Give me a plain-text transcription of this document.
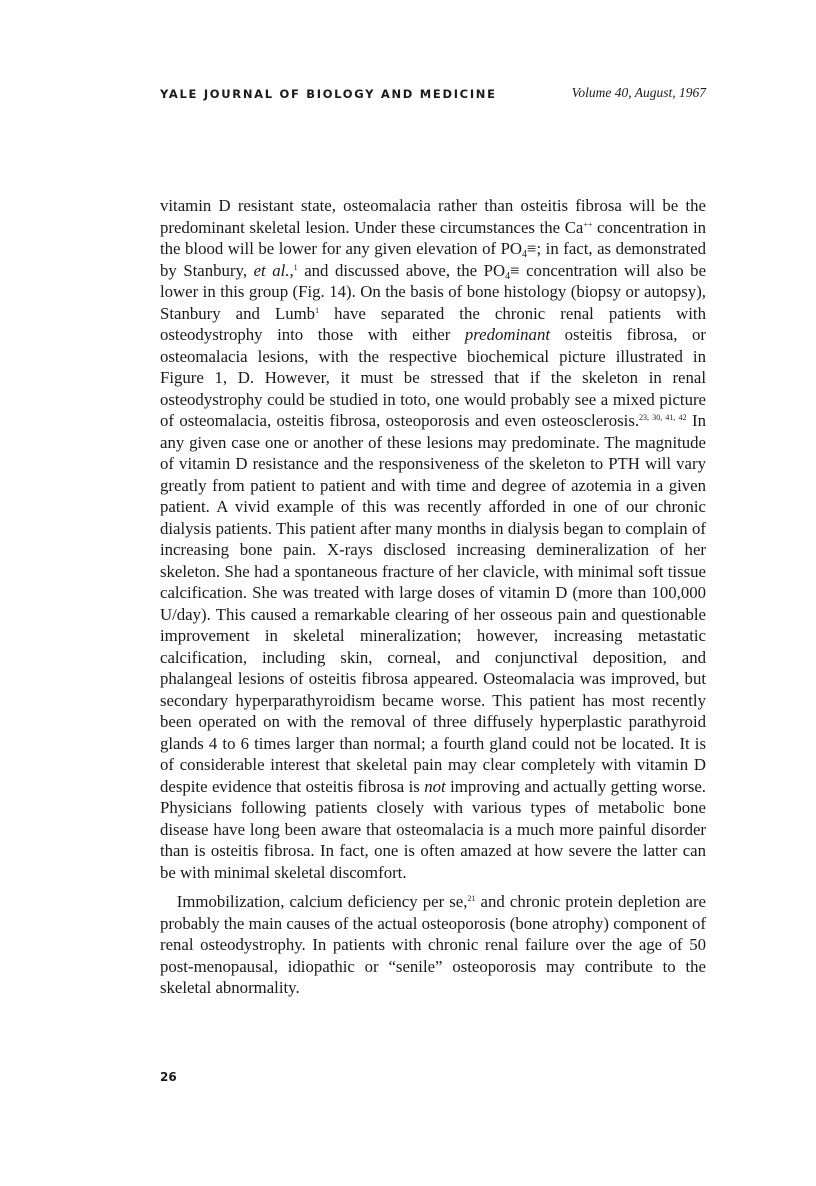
YALE JOURNAL OF BIOLOGY AND MEDICINE	Volume 40, August, 1967

vitamin D resistant state, osteomalacia rather than osteitis fibrosa will be the predominant skeletal lesion. Under these circumstances the Ca++ concentration in the blood will be lower for any given elevation of $PO_4\equiv$; in fact, as demonstrated by Stanbury, et al.,$^1$ and discussed above, the $PO_4\equiv$ concentration will also be lower in this group (Fig. 14). On the basis of bone histology (biopsy or autopsy), Stanbury and Lumb$^1$ have separated the chronic renal patients with osteodystrophy into those with either predominant osteitis fibrosa, or osteomalacia lesions, with the respective biochemical picture illustrated in Figure 1, D. However, it must be stressed that if the skeleton in renal osteodystrophy could be studied in toto, one would probably see a mixed picture of osteomalacia, osteitis fibrosa, osteoporosis and even osteosclerosis.$^{23, 30, 41, 42}$ In any given case one or another of these lesions may predominate. The magnitude of vitamin D resistance and the responsiveness of the skeleton to PTH will vary greatly from patient to patient and with time and degree of azotemia in a given patient. A vivid example of this was recently afforded in one of our chronic dialysis patients. This patient after many months in dialysis began to complain of increasing bone pain. X-rays disclosed increasing demineralization of her skeleton. She had a spontaneous fracture of her clavicle, with minimal soft tissue calcification. She was treated with large doses of vitamin D (more than 100,000 U/day). This caused a remarkable clearing of her osseous pain and questionable improvement in skeletal mineralization; however, increasing metastatic calcification, including skin, corneal, and conjunctival deposition, and phalangeal lesions of osteitis fibrosa appeared. Osteomalacia was improved, but secondary hyperparathyroidism became worse. This patient has most recently been operated on with the removal of three diffusely hyperplastic parathyroid glands 4 to 6 times larger than normal; a fourth gland could not be located. It is of considerable interest that skeletal pain may clear completely with vitamin D despite evidence that osteitis fibrosa is not improving and actually getting worse. Physicians following patients closely with various types of metabolic bone disease have long been aware that osteomalacia is a much more painful disorder than is osteitis fibrosa. In fact, one is often amazed at how severe the latter can be with minimal skeletal discomfort.

 Immobilization, calcium deficiency per se,$^{21}$ and chronic protein depletion are probably the main causes of the actual osteoporosis (bone atrophy) component of renal osteodystrophy. In patients with chronic renal failure over the age of 50 post-menopausal, idiopathic or “senile” osteoporosis may contribute to the skeletal abnormality.

26
